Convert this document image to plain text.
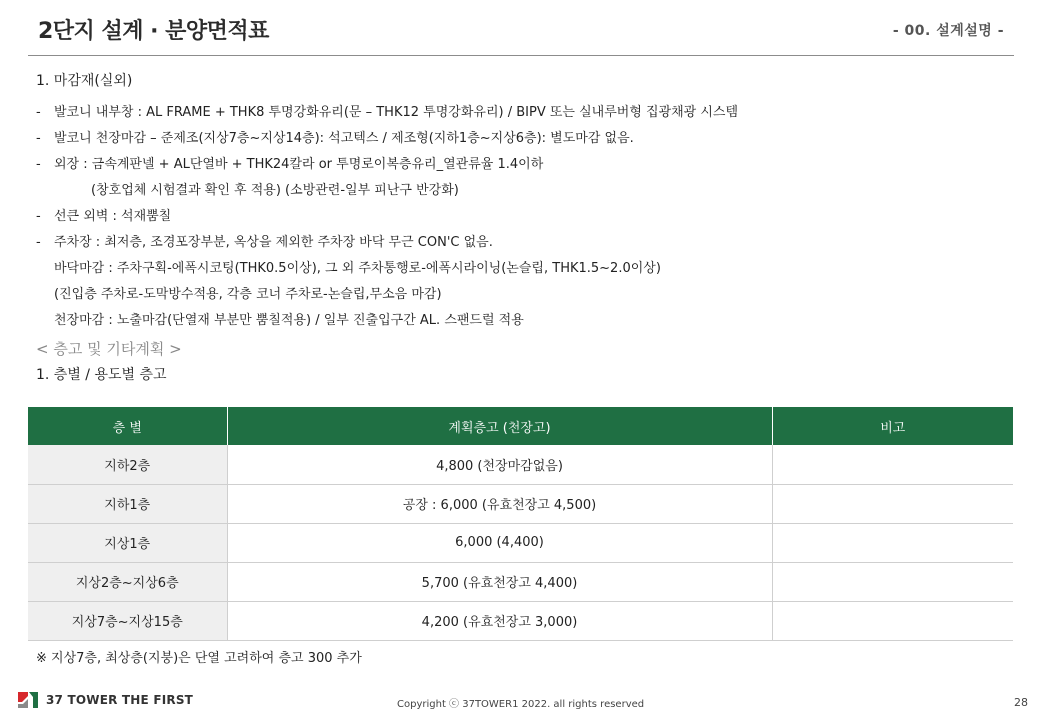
2단지 설계 · 분양면적표	- 00. 설계설명 -
1. 마감재(실외)
- 발코니 내부창 : AL FRAME + THK8 투명강화유리(문 – THK12 투명강화유리) / BIPV 또는 실내루버형 집광채광 시스템
- 발코니 천장마감 – 준제조(지상7층~지상14층): 석고텍스 / 제조형(지하1층~지상6층): 별도마감 없음.
- 외장 : 금속계판넬 + AL단열바 + THK24칼라 or 투명로이복층유리_열관류율 1.4이하
(창호업체 시험결과 확인 후 적용) (소방관련-일부 피난구 반강화)
- 선큰 외벽 : 석재뿜칠
- 주차장 : 최저층, 조경포장부분, 옥상을 제외한 주차장 바닥 무근 CON'C 없음.
바닥마감 : 주차구획-에폭시코팅(THK0.5이상), 그 외 주차통행로-에폭시라이닝(논슬립, THK1.5~2.0이상)
(진입층 주차로-도막방수적용, 각층 코너 주차로-논슬립,무소음 마감)
천장마감 : 노출마감(단열재 부분만 뿜칠적용) / 일부 진출입구간 AL. 스팬드럴 적용
< 층고 및 기타계획 >
1. 층별 / 용도별 층고
층 별	계획층고 (천장고)	비고
지하2층	4,800 (천장마감없음)	
지하1층	공장 : 6,000 (유효천장고 4,500)	
지상1층	6,000 (4,400)	
지상2층~지상6층	5,700 (유효천장고 4,400)	
지상7층~지상15층	4,200 (유효천장고 3,000)	
※ 지상7층, 최상층(지붕)은 단열 고려하여 층고 300 추가
37 TOWER THE FIRST	Copyright ⓒ 37TOWER1 2022. all rights reserved	28
